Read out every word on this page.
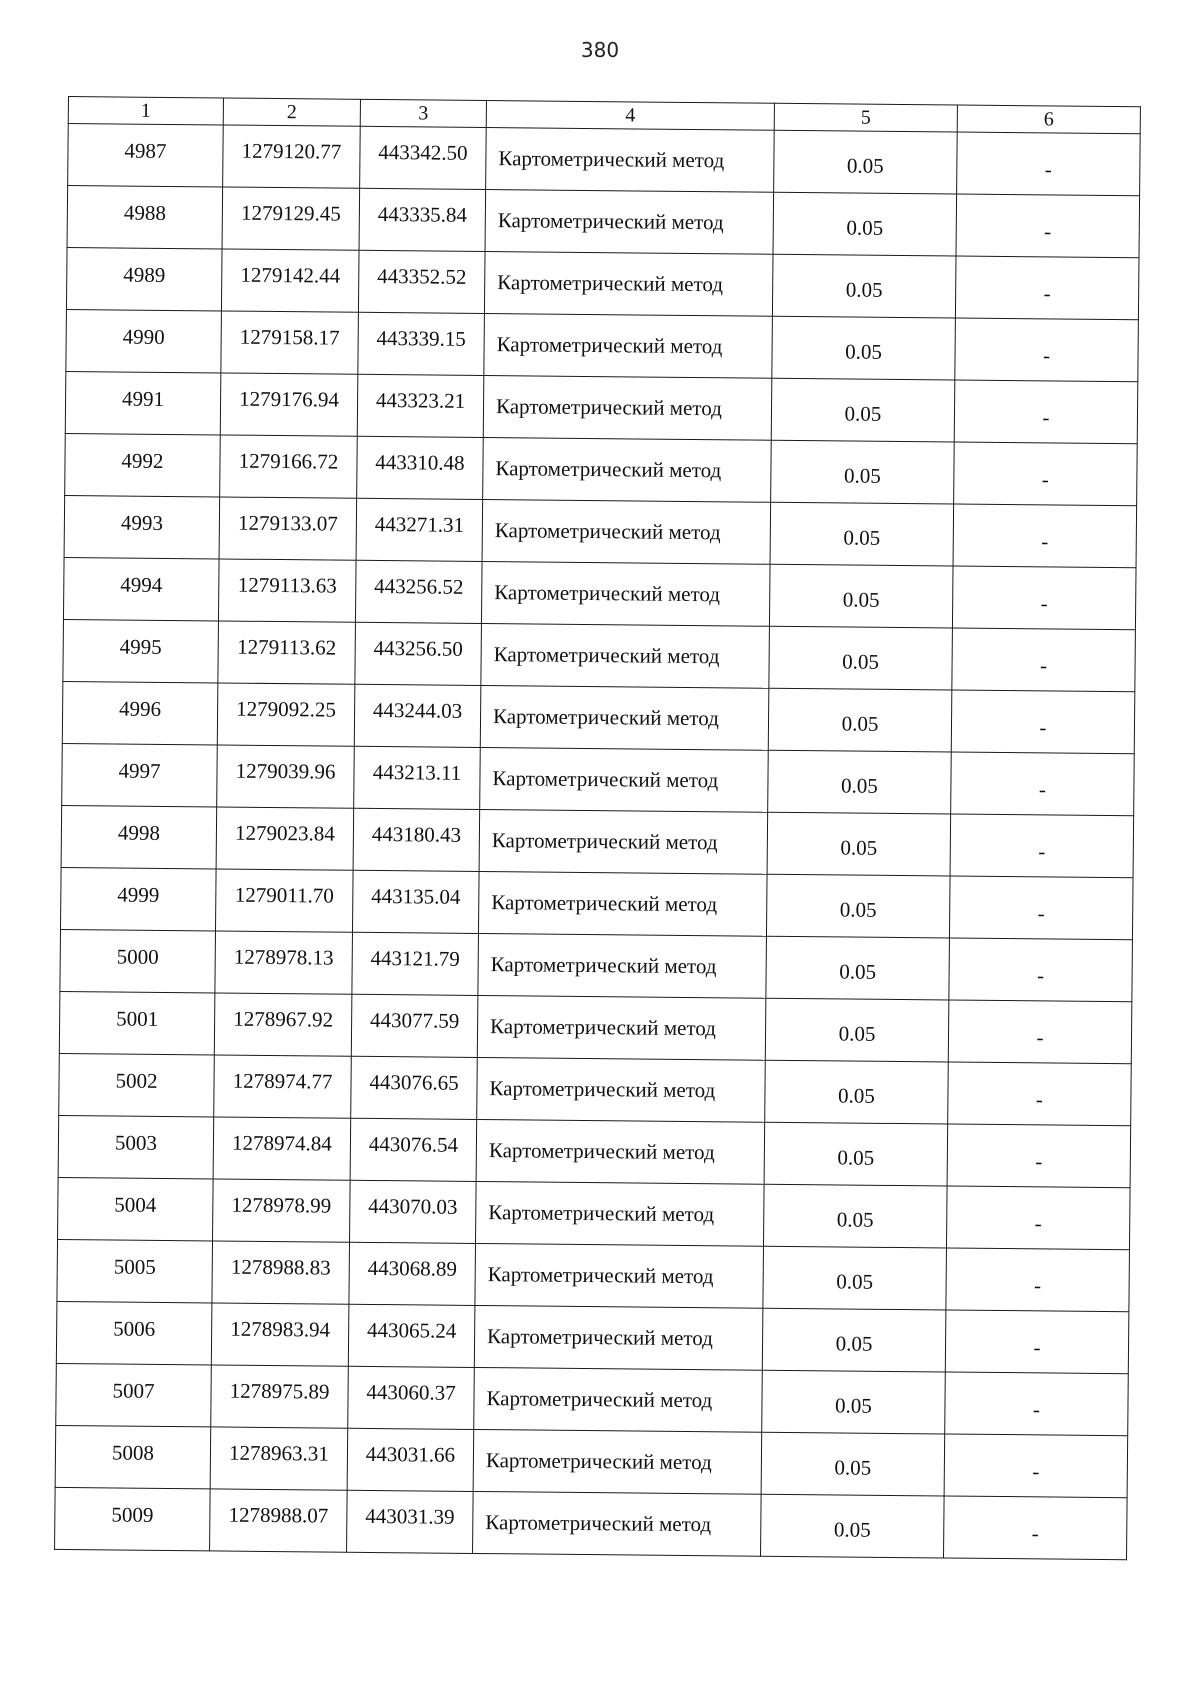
380
1	2	3	4	5	6
4987	1279120.77	443342.50	Картометрический метод	0.05	-
4988	1279129.45	443335.84	Картометрический метод	0.05	-
4989	1279142.44	443352.52	Картометрический метод	0.05	-
4990	1279158.17	443339.15	Картометрический метод	0.05	-
4991	1279176.94	443323.21	Картометрический метод	0.05	-
4992	1279166.72	443310.48	Картометрический метод	0.05	-
4993	1279133.07	443271.31	Картометрический метод	0.05	-
4994	1279113.63	443256.52	Картометрический метод	0.05	-
4995	1279113.62	443256.50	Картометрический метод	0.05	-
4996	1279092.25	443244.03	Картометрический метод	0.05	-
4997	1279039.96	443213.11	Картометрический метод	0.05	-
4998	1279023.84	443180.43	Картометрический метод	0.05	-
4999	1279011.70	443135.04	Картометрический метод	0.05	-
5000	1278978.13	443121.79	Картометрический метод	0.05	-
5001	1278967.92	443077.59	Картометрический метод	0.05	-
5002	1278974.77	443076.65	Картометрический метод	0.05	-
5003	1278974.84	443076.54	Картометрический метод	0.05	-
5004	1278978.99	443070.03	Картометрический метод	0.05	-
5005	1278988.83	443068.89	Картометрический метод	0.05	-
5006	1278983.94	443065.24	Картометрический метод	0.05	-
5007	1278975.89	443060.37	Картометрический метод	0.05	-
5008	1278963.31	443031.66	Картометрический метод	0.05	-
5009	1278988.07	443031.39	Картометрический метод	0.05	-
